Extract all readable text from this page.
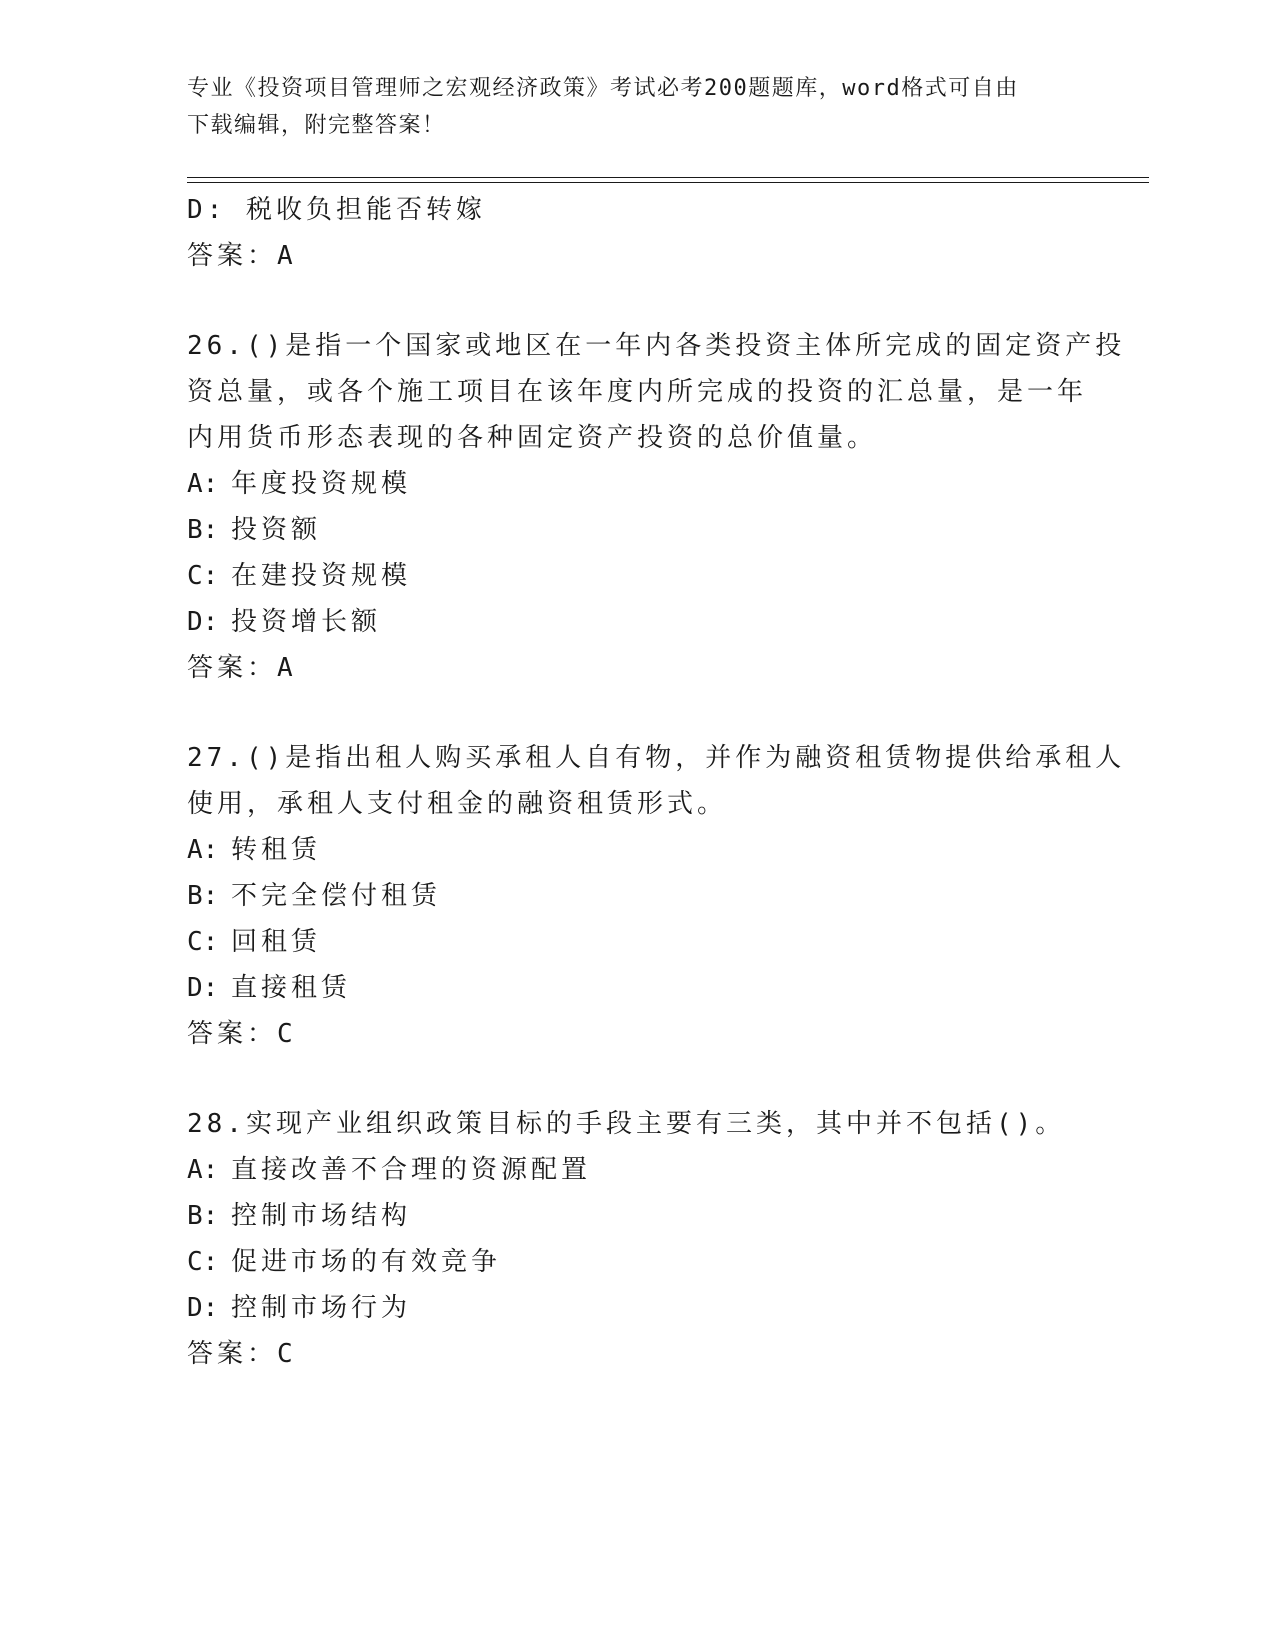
专业《投资项目管理师之宏观经济政策》考试必考200题题库，word格式可自由
下载编辑，附完整答案！
D: 税收负担能否转嫁
答案：A
26.()是指一个国家或地区在一年内各类投资主体所完成的固定资产投
资总量，或各个施工项目在该年度内所完成的投资的汇总量，是一年
内用货币形态表现的各种固定资产投资的总价值量。
A: 年度投资规模
B: 投资额
C: 在建投资规模
D: 投资增长额
答案：A
27.()是指出租人购买承租人自有物，并作为融资租赁物提供给承租人
使用，承租人支付租金的融资租赁形式。
A: 转租赁
B: 不完全偿付租赁
C: 回租赁
D: 直接租赁
答案：C
28.实现产业组织政策目标的手段主要有三类，其中并不包括()。
A: 直接改善不合理的资源配置
B: 控制市场结构
C: 促进市场的有效竞争
D: 控制市场行为
答案：C
